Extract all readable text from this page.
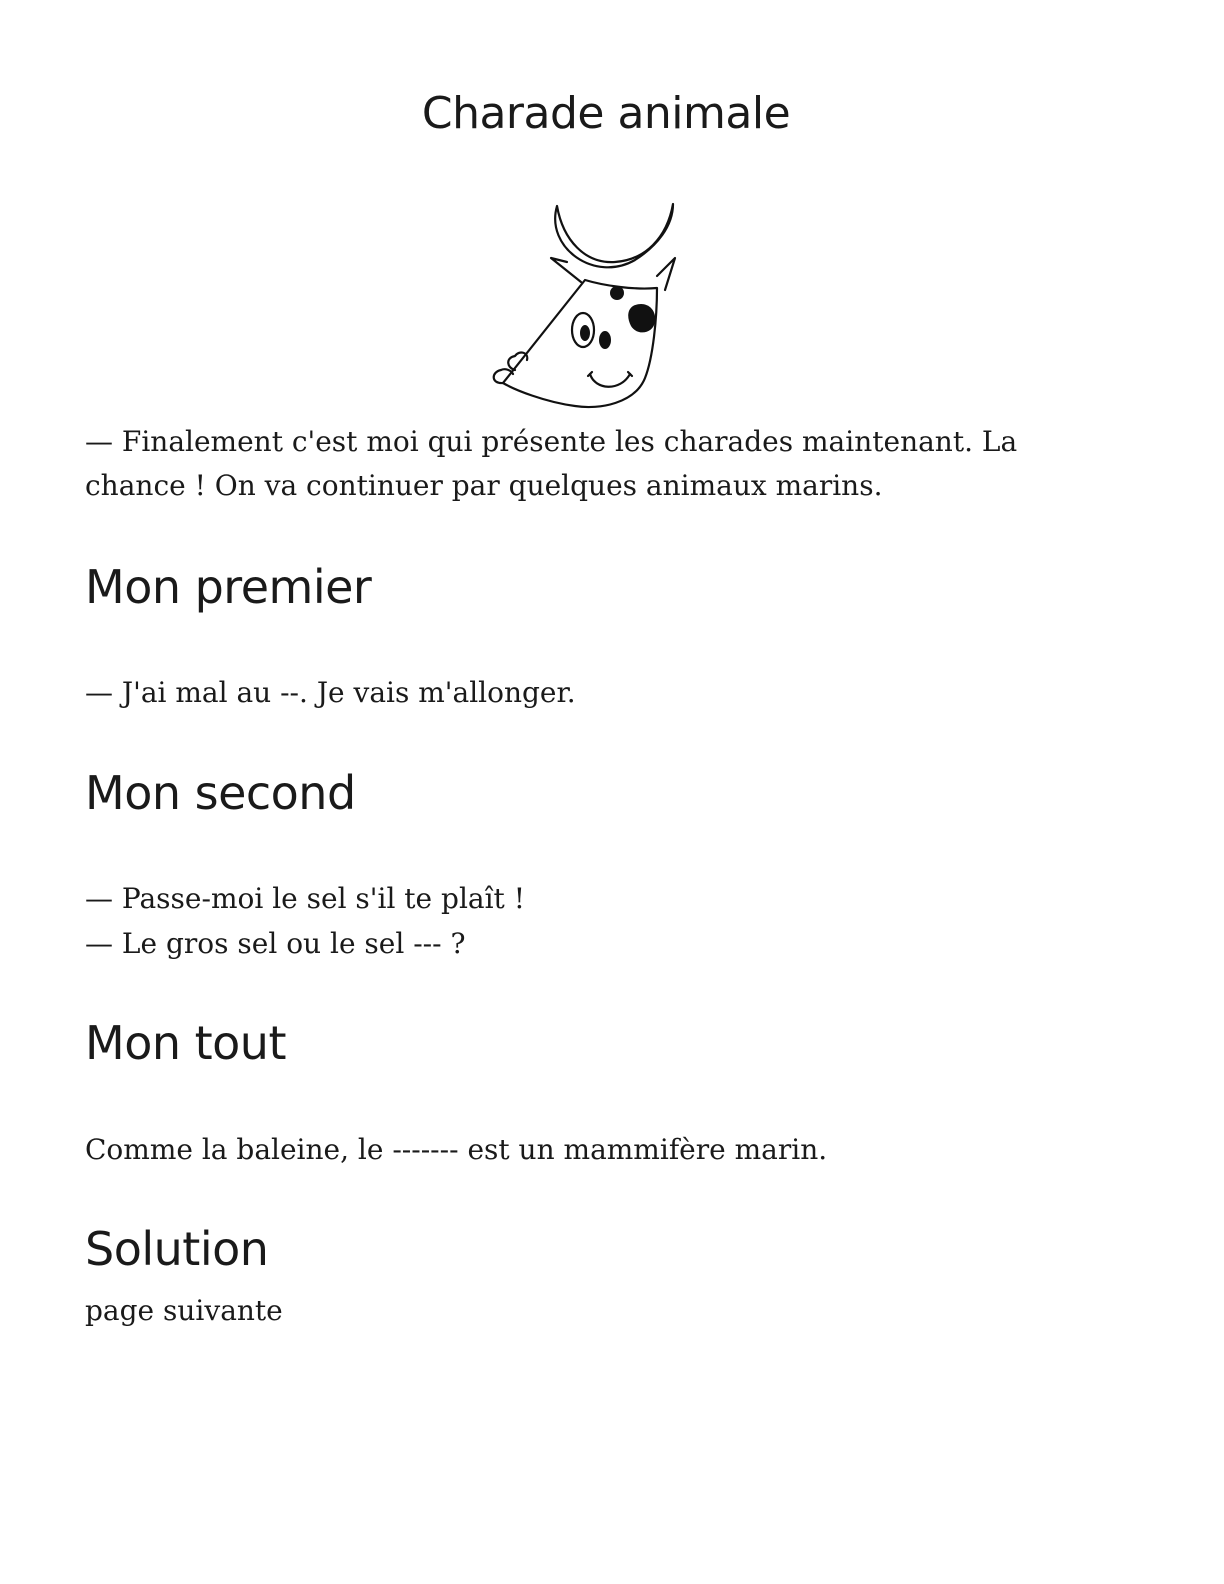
Charade animale

— Finalement c'est moi qui présente les charades maintenant. La chance ! On va continuer par quelques animaux marins.

Mon premier

— J'ai mal au --. Je vais m'allonger.

Mon second

— Passe-moi le sel s'il te plaît !
— Le gros sel ou le sel --- ?

Mon tout

Comme la baleine, le ------- est un mammifère marin.

Solution

page suivante
